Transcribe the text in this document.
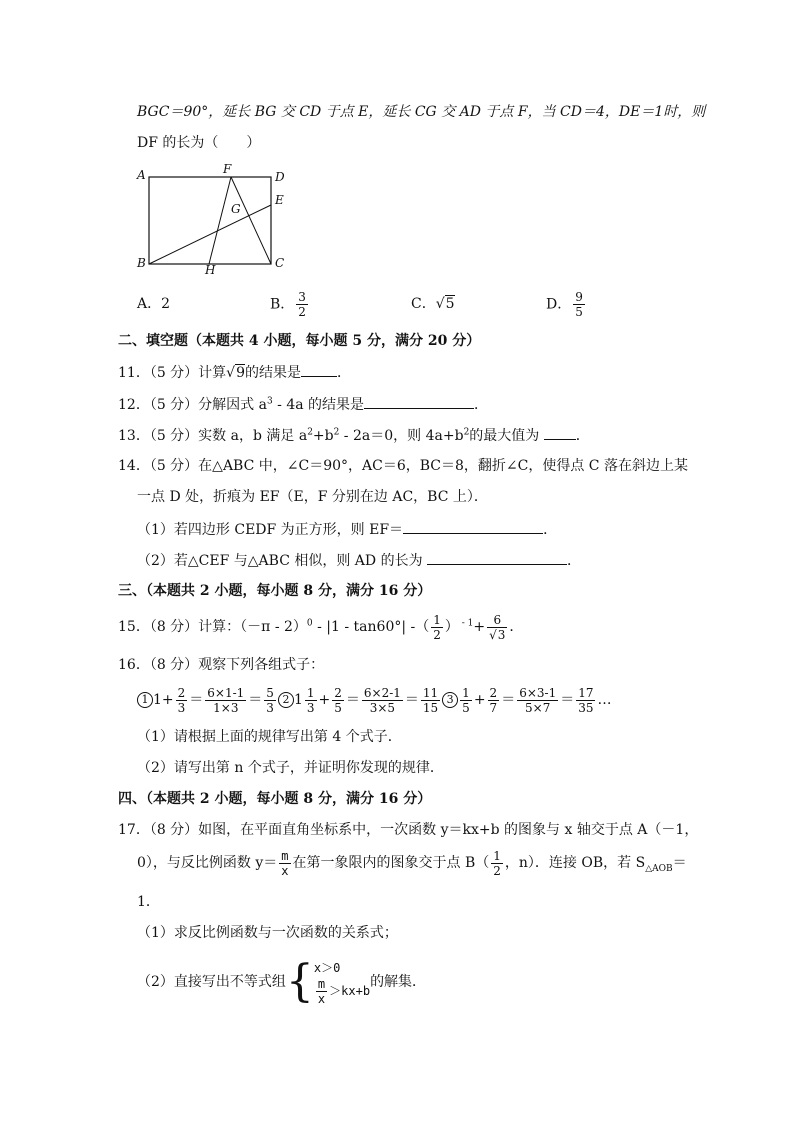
BGC＝90°，延长 BG 交 CD 于点 E，延长 CG 交 AD 于点 F，当 CD＝4，DE＝1时，则
DF 的长为（　　）
A	F
D
E
G
B	H	C
A．2	B． $\frac{3}{2}$	C．√5	D． $\frac{9}{5}$
二、填空题（本题共 4 小题，每小题 5 分，满分 20 分）
11．（5 分）计算√9的结果是	．
12．（5 分）分解因式 $a^3 - 4a$ 的结果是	．
13．（5 分）实数 a，b 满足 $a^2+b^2 - 2a=0$，则 $4a+b^2$的最大值为	．
14．（5 分）在△ABC 中，∠C＝90°，AC＝6，BC＝8，翻折∠C，使得点 C 落在斜边上某
一点 D 处，折痕为 EF（E，F 分别在边 AC，BC 上）．
（1）若四边形 CEDF 为正方形，则 EF＝	．
（2）若△CEF 与△ABC 相似，则 AD 的长为	．
三、（本题共 2 小题，每小题 8 分，满分 16 分）
15．（8 分）计算：$(-\pi - 2)^0 - |1 - \tan 60^\circ|$ -（ $\frac{1}{2}$ ） $^{- 1}+ \frac{6}{√3}$ ．
16．（8 分）观察下列各组式子：
1 $1+ \frac{2}{3} = \frac{6\times 1-1}{1\times 3} = \frac{5}{3} 2$ $1 \frac{1}{3} + \frac{2}{5} = \frac{6\times 2-1}{3\times 5} = \frac{11}{15} 3 \frac{1}{5} + \frac{2}{7} = \frac{6\times 3-1}{5\times 7} = \frac{17}{35}$ …
（1）请根据上面的规律写出第 4 个式子．
（2）请写出第 n 个式子，并证明你发现的规律．
四、（本题共 2 小题，每小题 8 分，满分 16 分）
17．（8 分）如图，在平面直角坐标系中，一次函数 y＝kx+b 的图象与 x 轴交于点 A（－1，
0），与反比例函数 $y= \frac{m}{x}$ 在第一象限内的图象交于点 $B( \frac{1}{2}$ ，n）．连接 OB，若 $S_{\triangle AOB}=$
1．
（1）求反比例函数与一次函数的关系式；
（2）直接写出不等式组{ x＞0
$\frac{m}{x} >kx+b$
的解集．
